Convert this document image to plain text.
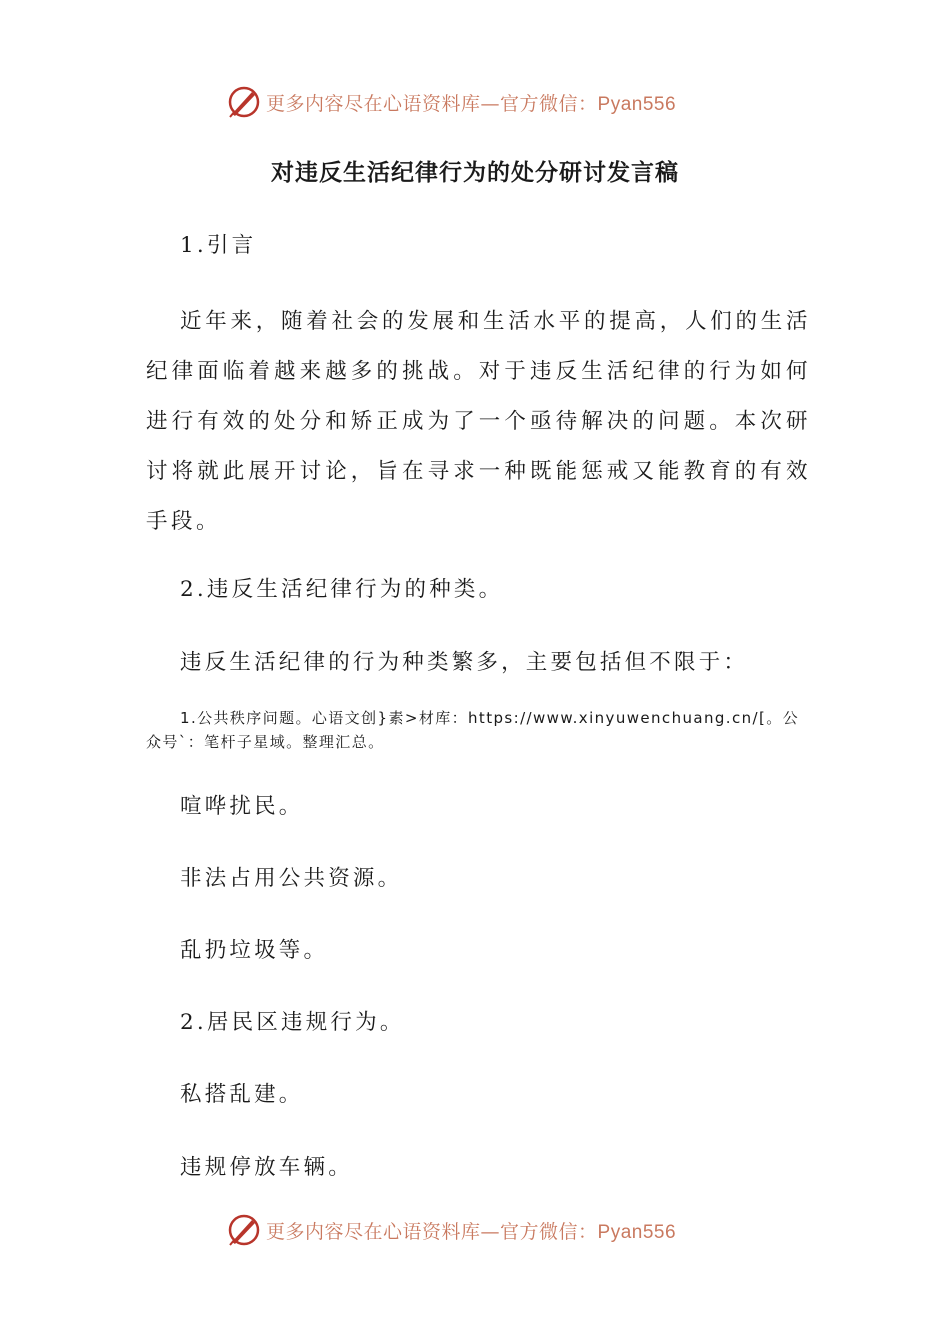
更多内容尽在心语资料库—官方微信：Pyan556
对违反生活纪律行为的处分研讨发言稿
1.引言
近年来，随着社会的发展和生活水平的提高，人们的生活纪律面临着越来越多的挑战。对于违反生活纪律的行为如何进行有效的处分和矫正成为了一个亟待解决的问题。本次研讨将就此展开讨论，旨在寻求一种既能惩戒又能教育的有效手段。
2.违反生活纪律行为的种类。
违反生活纪律的行为种类繁多，主要包括但不限于：
1.公共秩序问题。心语文创}素>材库：https://www.xinyuwenchuang.cn/[。公众号`：笔杆子星域。整理汇总。
喧哗扰民。
非法占用公共资源。
乱扔垃圾等。
2.居民区违规行为。
私搭乱建。
违规停放车辆。
更多内容尽在心语资料库—官方微信：Pyan556
